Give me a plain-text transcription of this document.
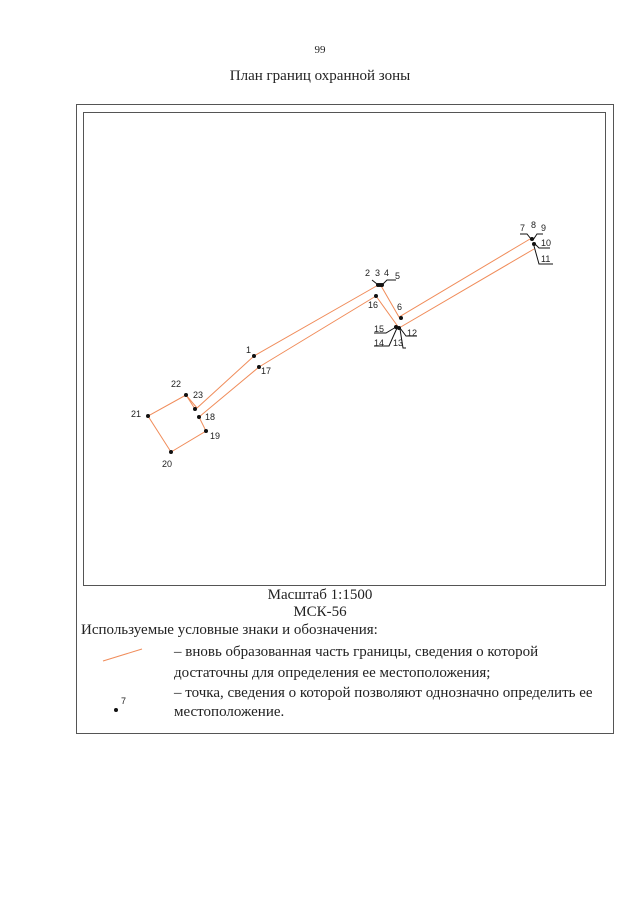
99
План границ охранной зоны
1
2 3 4 5
6
7 8 9
10
11
12
13
14
15
16
17
18
19
20
21
22
23
Масштаб 1:1500
МСК-56
Используемые условные знаки и обозначения:
– вновь образованная часть границы, сведения о которой достаточны для определения ее местоположения;
7	– точка, сведения о которой позволяют однозначно определить ее местоположение.
